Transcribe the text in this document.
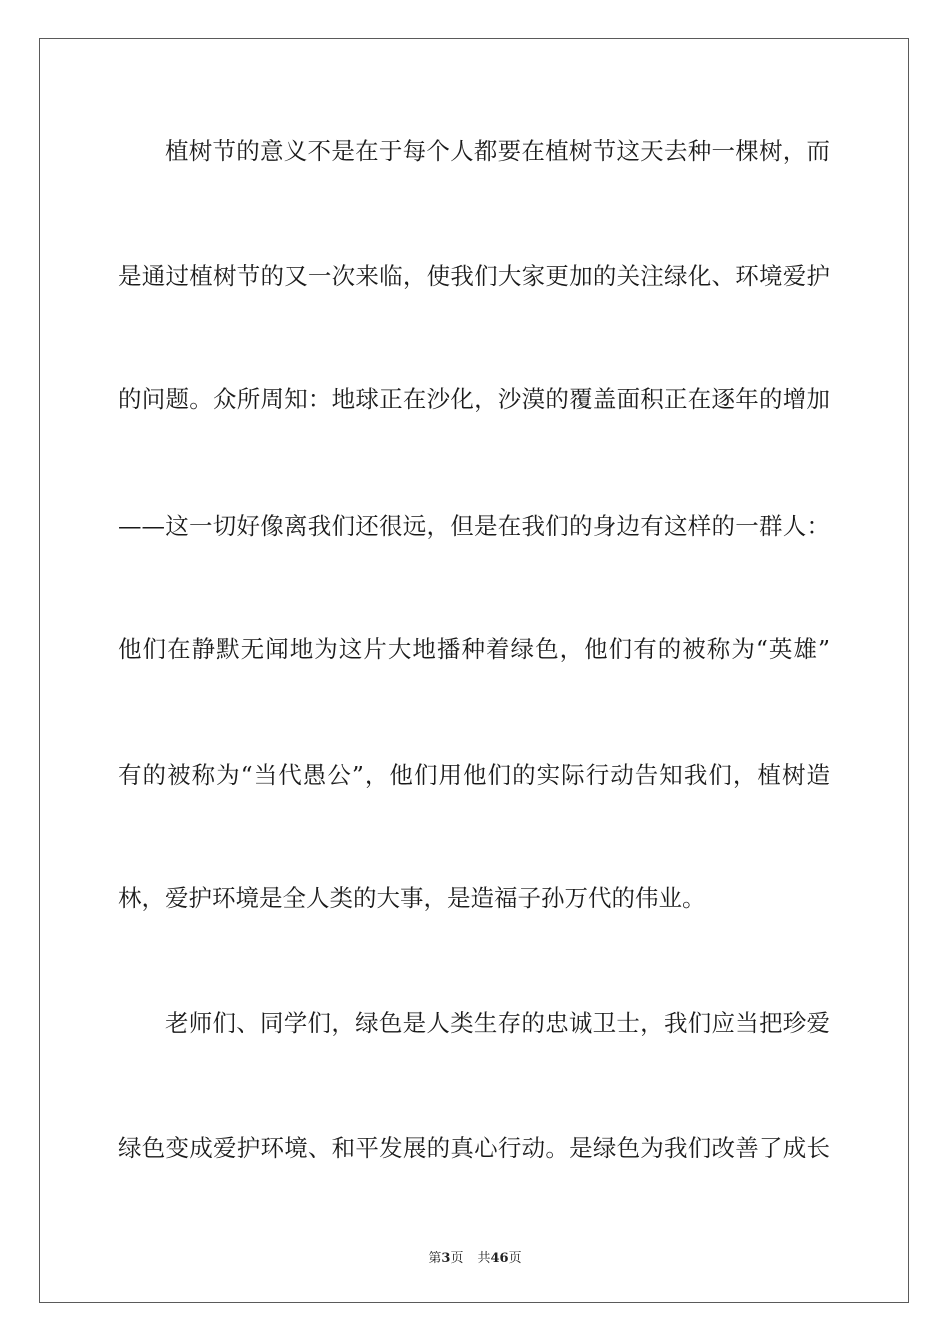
植树节的意义不是在于每个人都要在植树节这天去种一棵树，而
是通过植树节的又一次来临，使我们大家更加的关注绿化、环境爱护
的问题。众所周知：地球正在沙化，沙漠的覆盖面积正在逐年的增加
——这一切好像离我们还很远，但是在我们的身边有这样的一群人：
他们在静默无闻地为这片大地播种着绿色，他们有的被称为“英雄”
有的被称为“当代愚公”，他们用他们的实际行动告知我们，植树造
林，爱护环境是全人类的大事，是造福子孙万代的伟业。
老师们、同学们，绿色是人类生存的忠诚卫士，我们应当把珍爱
绿色变成爱护环境、和平发展的真心行动。是绿色为我们改善了成长
第3页 共46页
